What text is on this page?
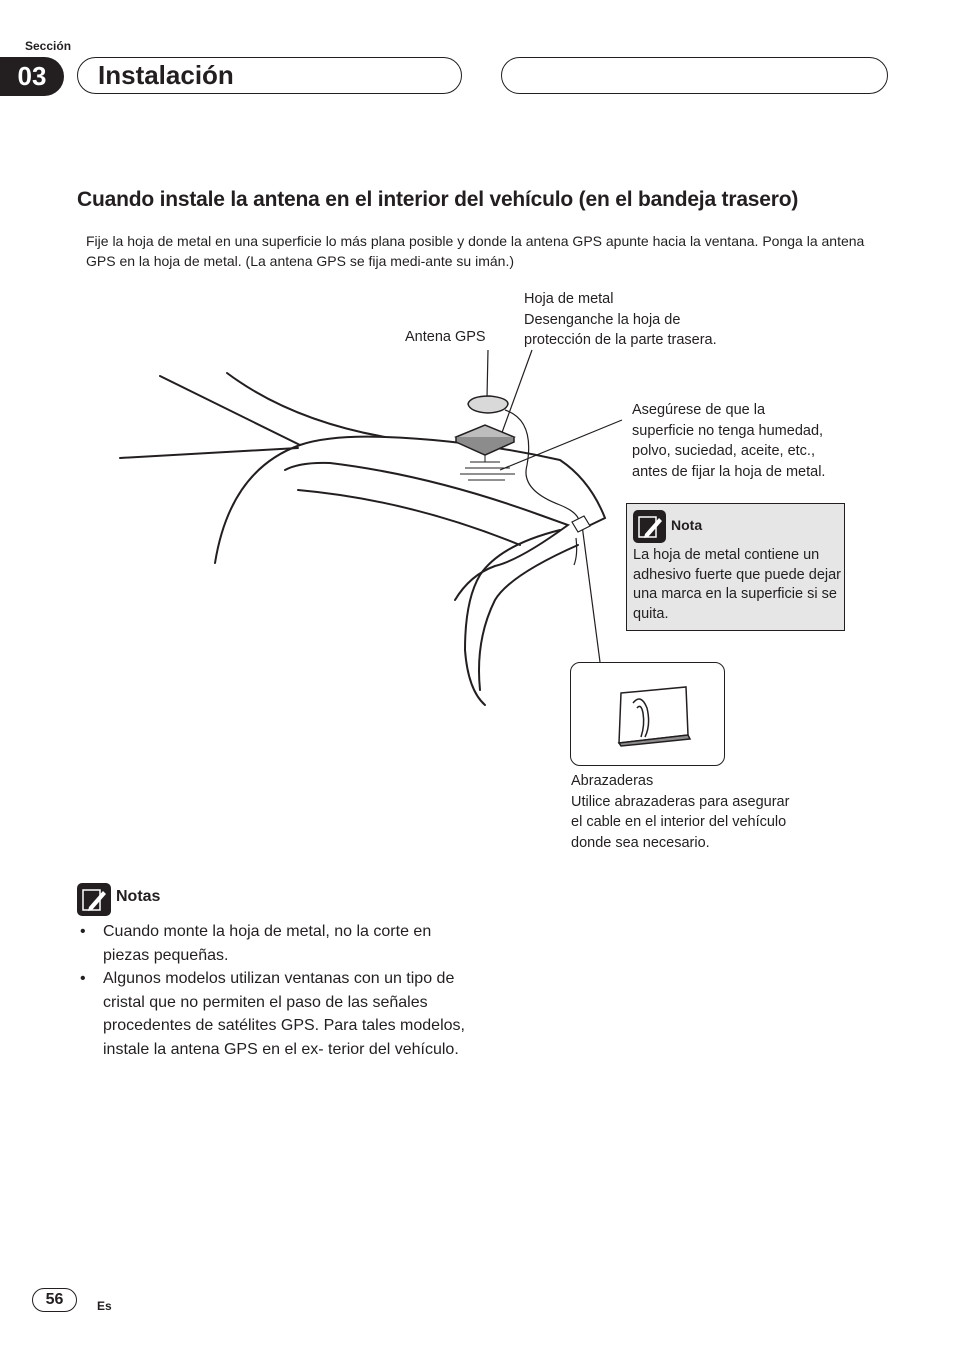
Sección
03	Instalación
Cuando instale la antena en el interior del vehículo (en el bandeja trasero)
Fije la hoja de metal en una superficie lo más plana posible y donde la antena GPS apunte hacia la ventana. Ponga la antena GPS en la hoja de metal. (La antena GPS se fija medi-ante su imán.)
Antena GPS
Hoja de metal
Desenganche la hoja de
protección de la parte trasera.
Asegúrese de que la
superficie no tenga humedad,
polvo, suciedad, aceite, etc.,
antes de fijar la hoja de metal.
Nota
La hoja de metal contiene un adhesivo fuerte que puede dejar una marca en la superficie si se quita.
Abrazaderas
Utilice abrazaderas para asegurar
el cable en el interior del vehículo
donde sea necesario.
Notas
• Cuando monte la hoja de metal, no la corte en piezas pequeñas.
• Algunos modelos utilizan ventanas con un tipo de cristal que no permiten el paso de las señales procedentes de satélites GPS. Para tales modelos, instale la antena GPS en el ex- terior del vehículo.
56	Es
